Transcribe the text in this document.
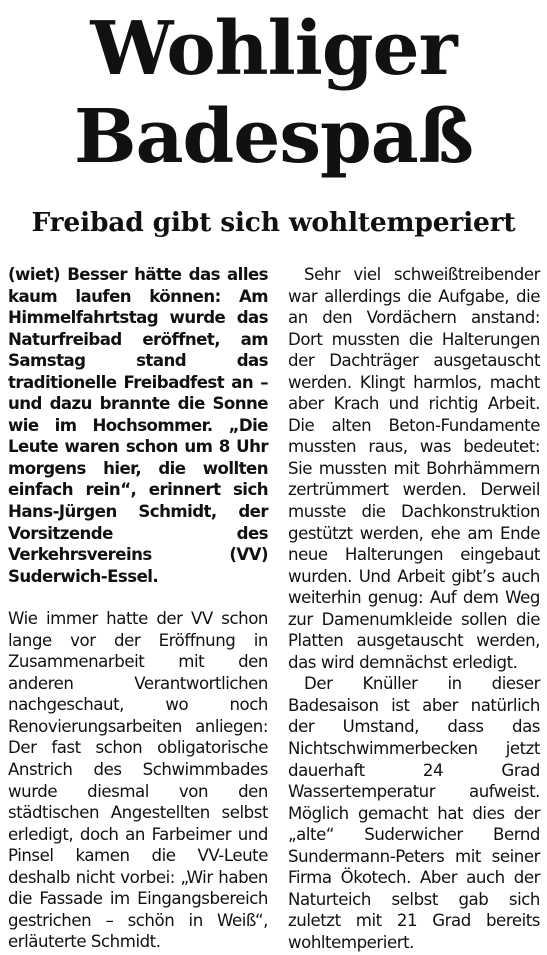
Wohliger
Badespaß
Freibad gibt sich wohltemperiert

(wiet) Besser hätte das alles kaum laufen können: Am Himmelfahrtstag wurde das Naturfreibad eröffnet, am Samstag stand das traditionelle Freibadfest an – und dazu brannte die Sonne wie im Hochsommer. „Die Leute waren schon um 8 Uhr morgens hier, die wollten einfach rein“, erinnert sich Hans-Jürgen Schmidt, der Vorsitzende des Verkehrsvereins (VV) Suderwich-Essel.

Wie immer hatte der VV schon lange vor der Eröffnung in Zusammenarbeit mit den anderen Verantwortlichen nachgeschaut, wo noch Renovierungsarbeiten anliegen: Der fast schon obligatorische Anstrich des Schwimmbades wurde diesmal von den städtischen Angestellten selbst erledigt, doch an Farbeimer und Pinsel kamen die VV-Leute deshalb nicht vorbei: „Wir haben die Fassade im Eingangsbereich gestrichen – schön in Weiß“, erläuterte Schmidt.

Sehr viel schweißtreibender war allerdings die Aufgabe, die an den Vordächern anstand: Dort mussten die Halterungen der Dachträger ausgetauscht werden. Klingt harmlos, macht aber Krach und richtig Arbeit. Die alten Beton-Fundamente mussten raus, was bedeutet: Sie mussten mit Bohrhämmern zertrümmert werden. Derweil musste die Dachkonstruktion gestützt werden, ehe am Ende neue Halterungen eingebaut wurden. Und Arbeit gibt’s auch weiterhin genug: Auf dem Weg zur Damenumkleide sollen die Platten ausgetauscht werden, das wird demnächst erledigt.

Der Knüller in dieser Badesaison ist aber natürlich der Umstand, dass das Nichtschwimmerbecken jetzt dauerhaft 24 Grad Wassertemperatur aufweist. Möglich gemacht hat dies der „alte“ Suderwicher Bernd Sundermann-Peters mit seiner Firma Ökotech. Aber auch der Naturteich selbst gab sich zuletzt mit 21 Grad bereits wohltemperiert.
